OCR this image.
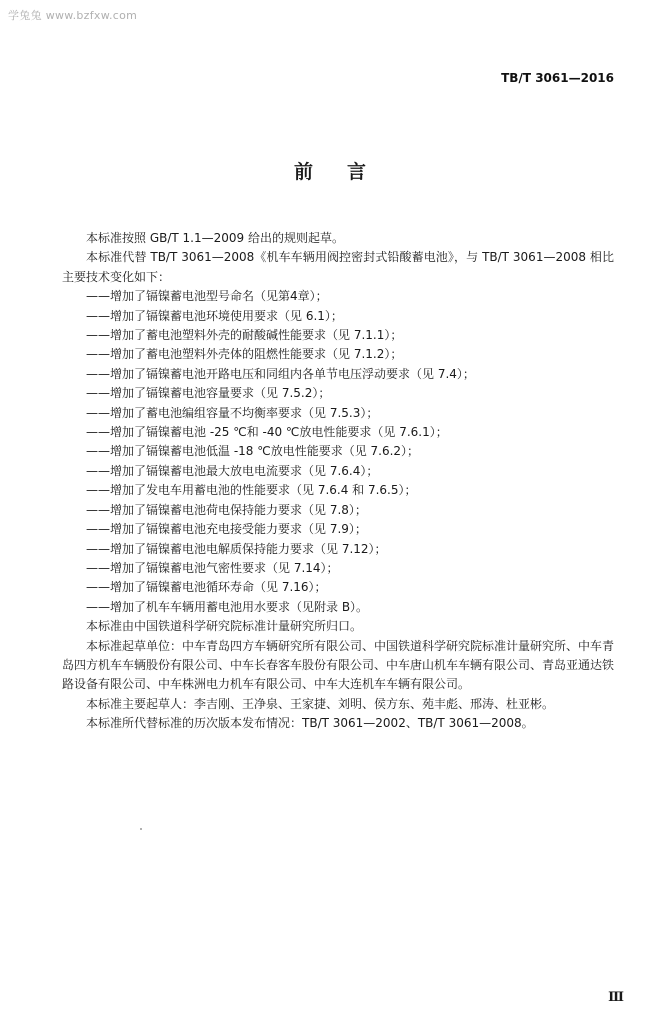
学兔兔 www.bzfxw.com
TB/T 3061—2016
前言

本标准按照 GB/T 1.1—2009 给出的规则起草。

本标准代替 TB/T 3061—2008《机车车辆用阀控密封式铅酸蓄电池》，与 TB/T 3061—2008 相比主要技术变化如下：

——增加了镉镍蓄电池型号命名（见第4章）；

——增加了镉镍蓄电池环境使用要求（见 6.1）；

——增加了蓄电池塑料外壳的耐酸碱性能要求（见 7.1.1）；

——增加了蓄电池塑料外壳体的阻燃性能要求（见 7.1.2）；

——增加了镉镍蓄电池开路电压和同组内各单节电压浮动要求（见 7.4）；

——增加了镉镍蓄电池容量要求（见 7.5.2）；

——增加了蓄电池编组容量不均衡率要求（见 7.5.3）；

——增加了镉镍蓄电池 -25 ℃和 -40 ℃放电性能要求（见 7.6.1）；

——增加了镉镍蓄电池低温 -18 ℃放电性能要求（见 7.6.2）；

——增加了镉镍蓄电池最大放电电流要求（见 7.6.4）；

——增加了发电车用蓄电池的性能要求（见 7.6.4 和 7.6.5）；

——增加了镉镍蓄电池荷电保持能力要求（见 7.8）；

——增加了镉镍蓄电池充电接受能力要求（见 7.9）；

——增加了镉镍蓄电池电解质保持能力要求（见 7.12）；

——增加了镉镍蓄电池气密性要求（见 7.14）；

——增加了镉镍蓄电池循环寿命（见 7.16）；

——增加了机车车辆用蓄电池用水要求（见附录 B）。

本标准由中国铁道科学研究院标准计量研究所归口。

本标准起草单位：中车青岛四方车辆研究所有限公司、中国铁道科学研究院标准计量研究所、中车青岛四方机车车辆股份有限公司、中车长春客车股份有限公司、中车唐山机车车辆有限公司、青岛亚通达铁路设备有限公司、中车株洲电力机车有限公司、中车大连机车车辆有限公司。

本标准主要起草人：李吉刚、王净泉、王家捷、刘明、侯方东、苑丰彪、邢涛、杜亚彬。

本标准所代替标准的历次版本发布情况：TB/T 3061—2002、TB/T 3061—2008。

Ⅲ
